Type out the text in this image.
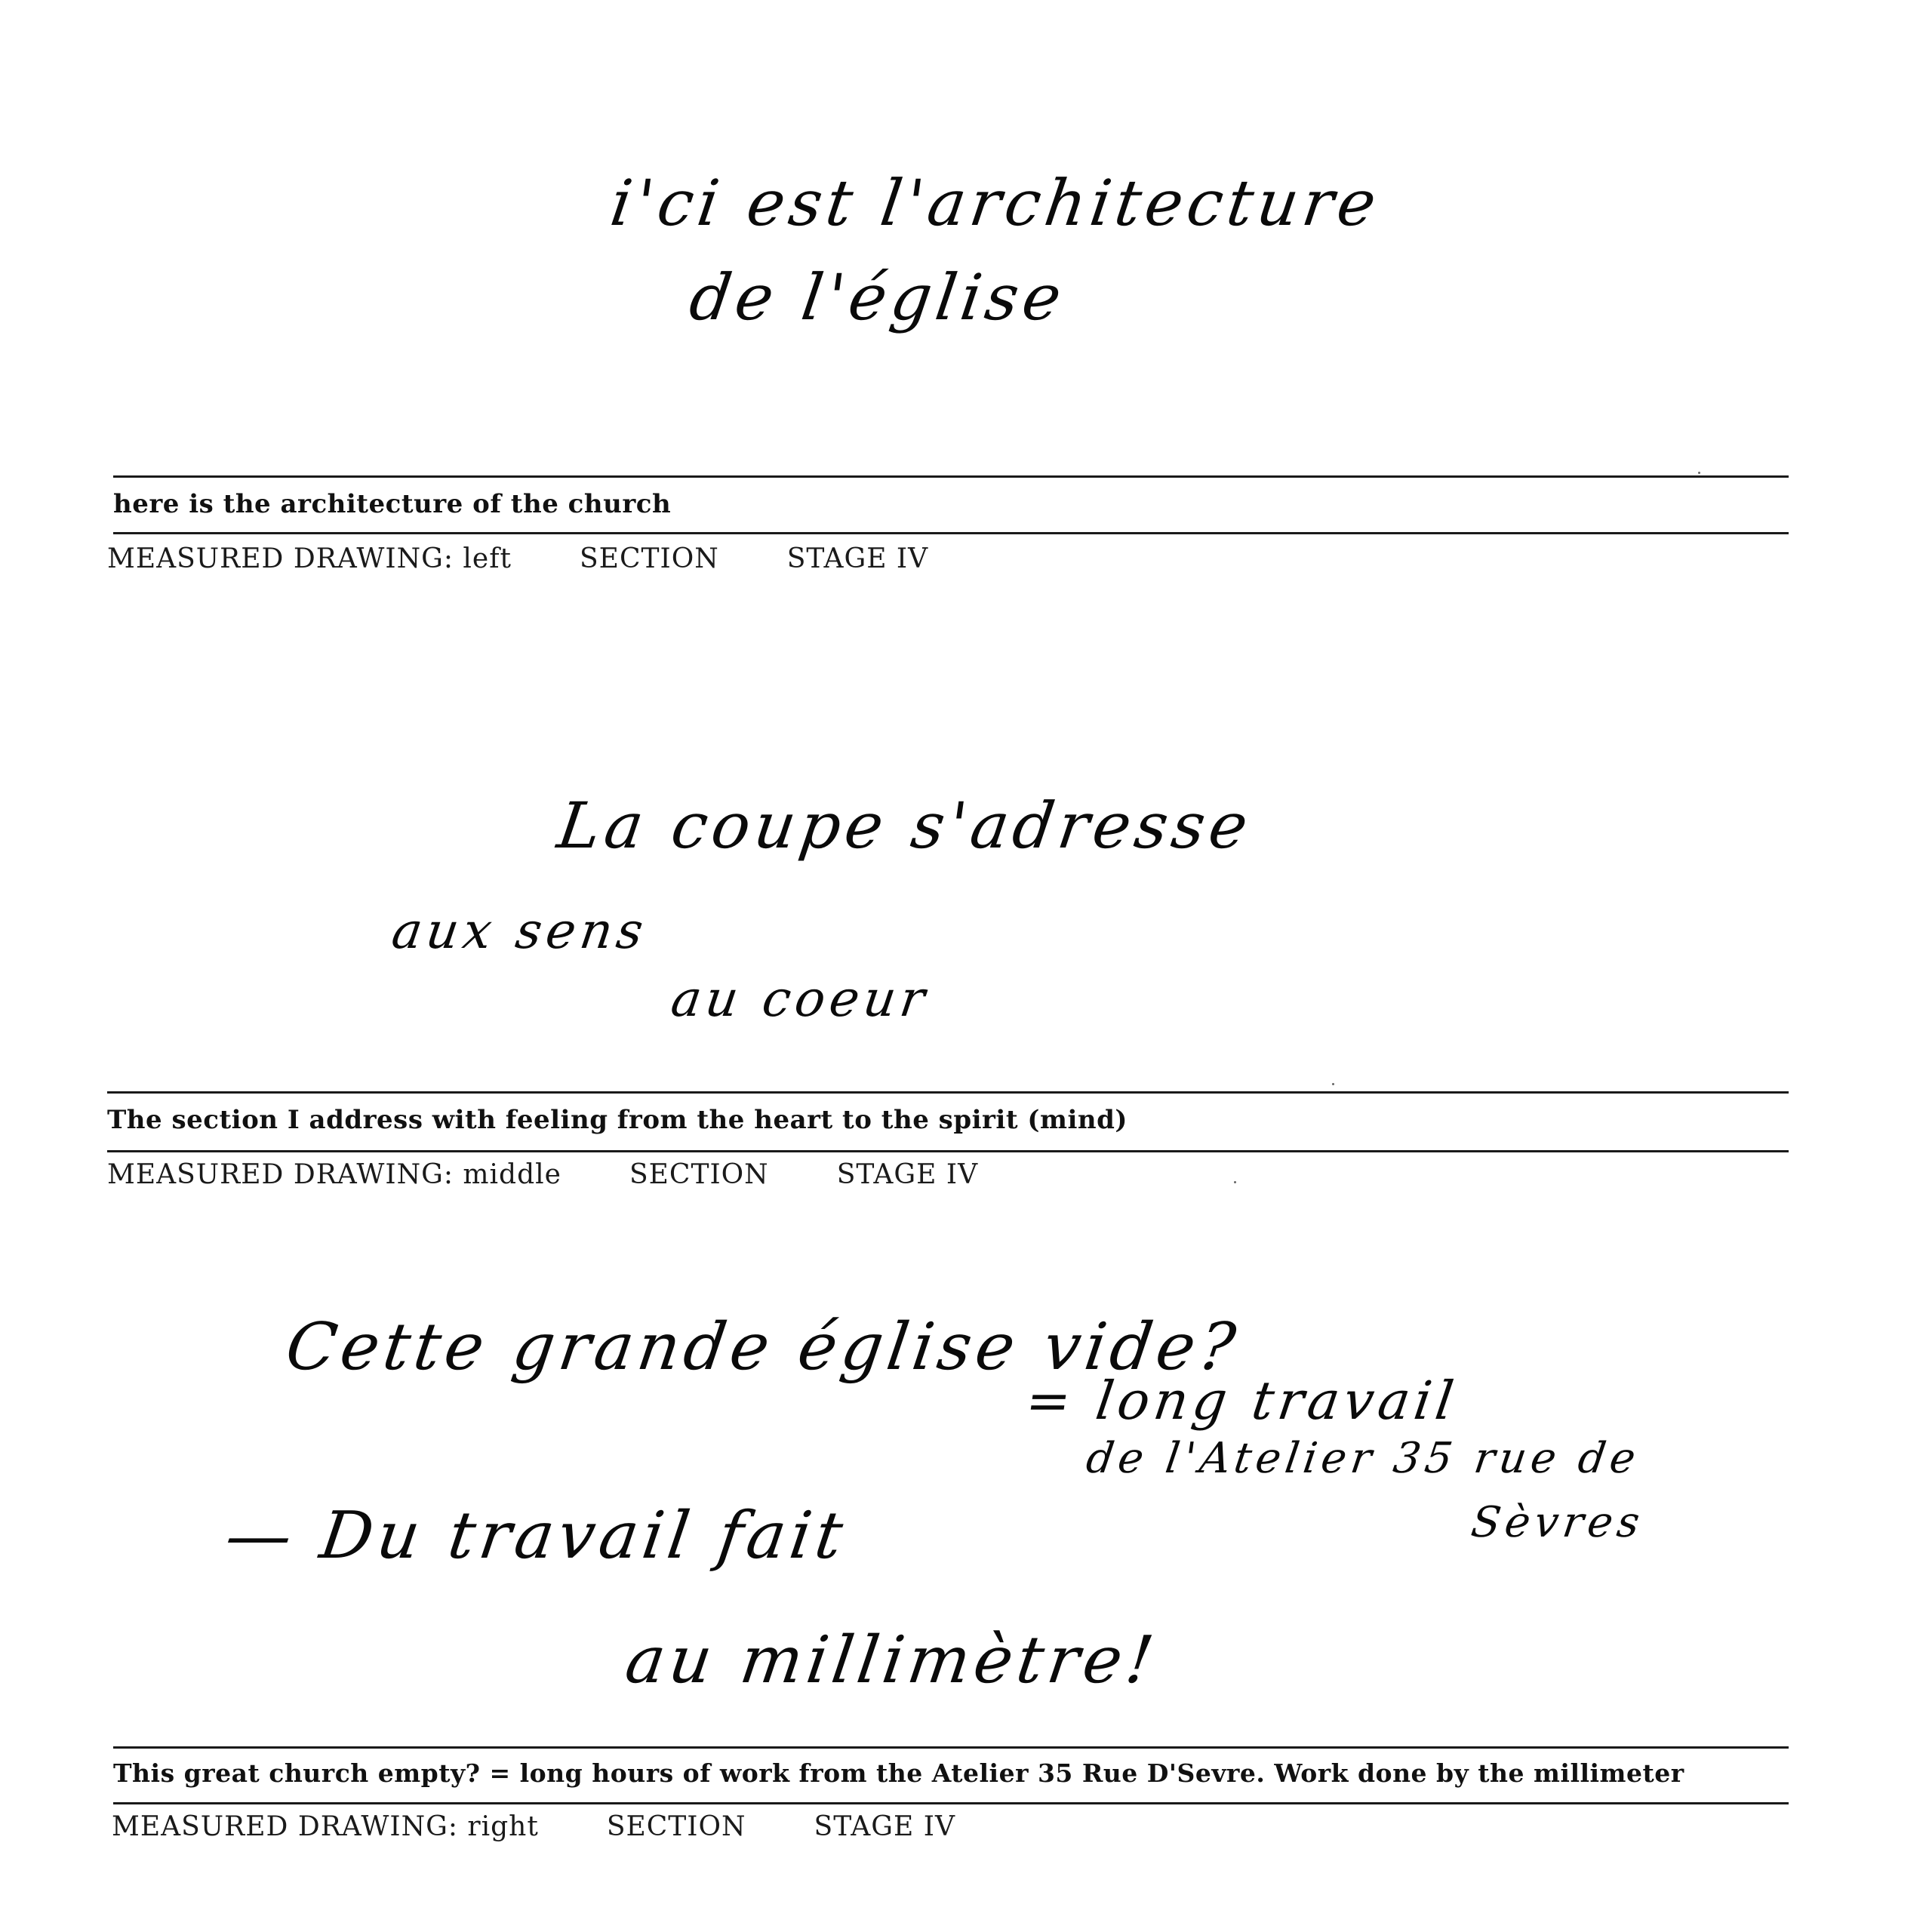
i'ci est l'architecture
de l'église
here is the architecture of the church
MEASURED DRAWING: left	SECTION	STAGE IV
La coupe s'adresse
aux sens
au coeur
The section I address with feeling from the heart to the spirit (mind)
MEASURED DRAWING: middle	SECTION	STAGE IV
Cette grande église vide?
= long travail
de l'Atelier 35 rue de
Sèvres
— Du travail fait
au millimètre!
This great church empty? = long hours of work from the Atelier 35 Rue D'Sevre. Work done by the millimeter
MEASURED DRAWING: right	SECTION	STAGE IV
